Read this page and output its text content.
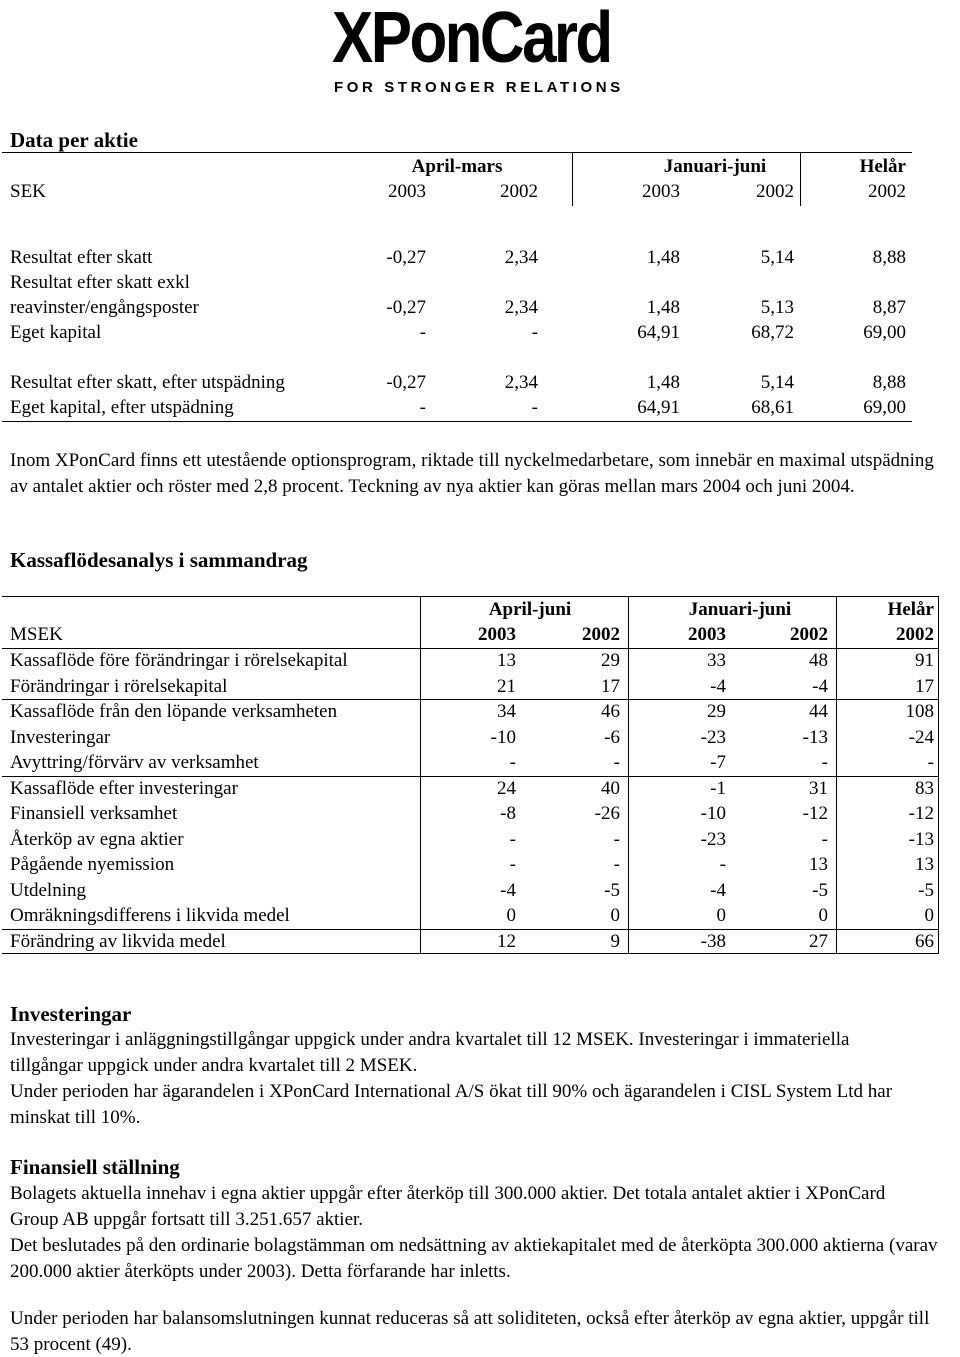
XPonCard
FOR STRONGER RELATIONS
Data per aktie
April-mars	Januari-juni	Helår
SEK	2003	2002	2003	2002	2002
Resultat efter skatt	-0,27	2,34	1,48	5,14	8,88
Resultat efter skatt exkl
reavinster/engångsposter	-0,27	2,34	1,48	5,13	8,87
Eget kapital	-	-	64,91	68,72	69,00
Resultat efter skatt, efter utspädning	-0,27	2,34	1,48	5,14	8,88
Eget kapital, efter utspädning	-	-	64,91	68,61	69,00
Inom XPonCard finns ett utestående optionsprogram, riktade till nyckelmedarbetare, som innebär en maximal utspädning av antalet aktier och röster med 2,8 procent. Teckning av nya aktier kan göras mellan mars 2004 och juni 2004.
Kassaflödesanalys i sammandrag
April-juni	Januari-juni	Helår
MSEK	2003	2002	2003	2002	2002
Kassaflöde före förändringar i rörelsekapital	13	29	33	48	91
Förändringar i rörelsekapital	21	17	-4	-4	17
Kassaflöde från den löpande verksamheten	34	46	29	44	108
Investeringar	-10	-6	-23	-13	-24
Avyttring/förvärv av verksamhet	-	-	-7	-	-
Kassaflöde efter investeringar	24	40	-1	31	83
Finansiell verksamhet	-8	-26	-10	-12	-12
Återköp av egna aktier	-	-	-23	-	-13
Pågående nyemission	-	-	-	13	13
Utdelning	-4	-5	-4	-5	-5
Omräkningsdifferens i likvida medel	0	0	0	0	0
Förändring av likvida medel	12	9	-38	27	66
Investeringar
Investeringar i anläggningstillgångar uppgick under andra kvartalet till 12 MSEK. Investeringar i immateriella tillgångar uppgick under andra kvartalet till 2 MSEK.
Under perioden har ägarandelen i XPonCard International A/S ökat till 90% och ägarandelen i CISL System Ltd har minskat till 10%.
Finansiell ställning
Bolagets aktuella innehav i egna aktier uppgår efter återköp till 300.000 aktier. Det totala antalet aktier i XPonCard Group AB uppgår fortsatt till 3.251.657 aktier.
Det beslutades på den ordinarie bolagstämman om nedsättning av aktiekapitalet med de återköpta 300.000 aktierna (varav 200.000 aktier återköpts under 2003). Detta förfarande har inletts.
Under perioden har balansomslutningen kunnat reduceras så att soliditeten, också efter återköp av egna aktier, uppgår till 53 procent (49).
